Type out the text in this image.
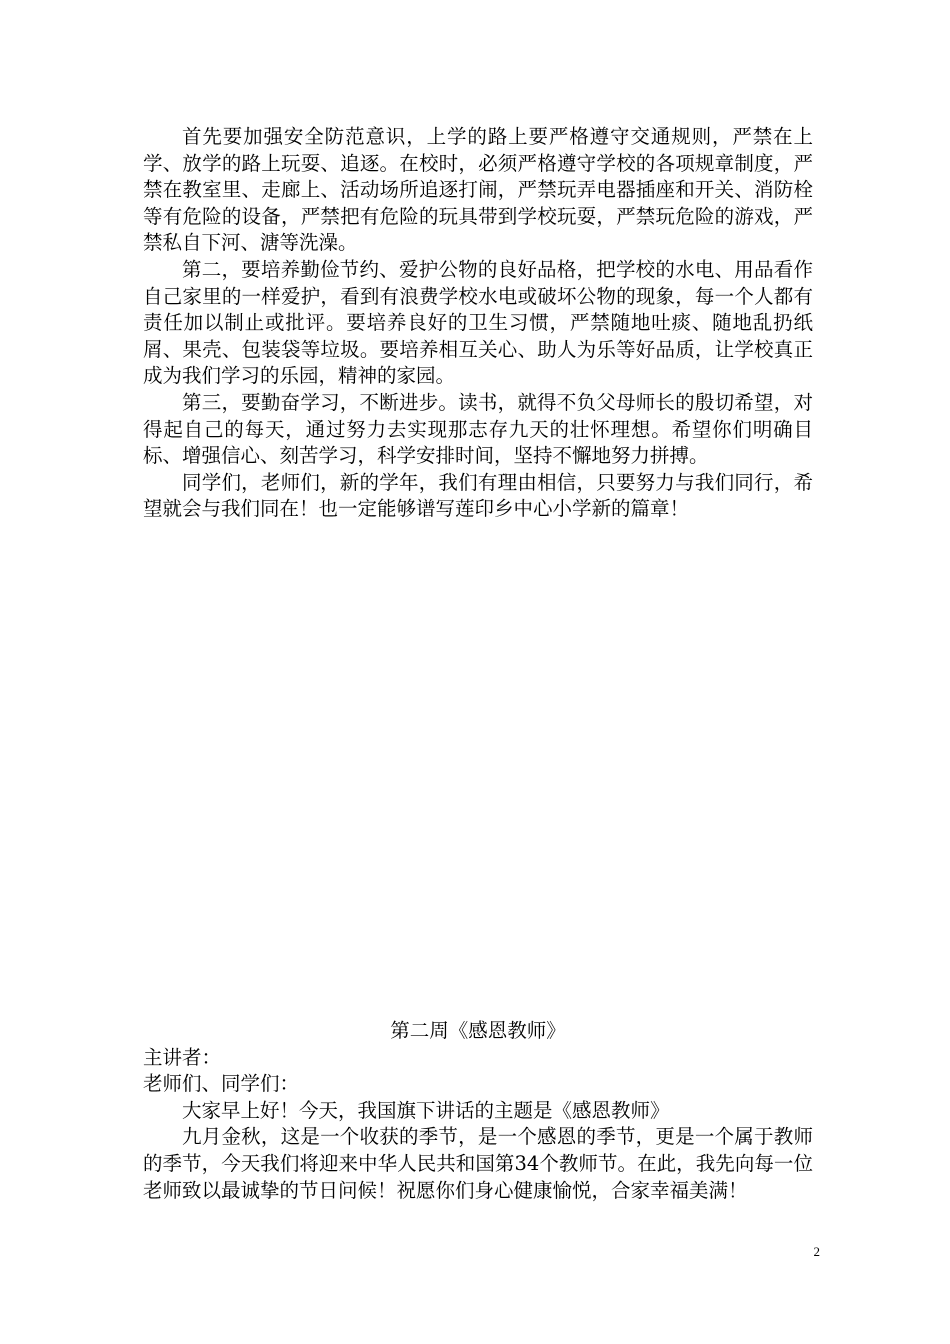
首先要加强安全防范意识，上学的路上要严格遵守交通规则，严禁在上学、放学的路上玩耍、追逐。在校时，必须严格遵守学校的各项规章制度，严禁在教室里、走廊上、活动场所追逐打闹，严禁玩弄电器插座和开关、消防栓等有危险的设备，严禁把有危险的玩具带到学校玩耍，严禁玩危险的游戏，严禁私自下河、溏等洗澡。

第二，要培养勤俭节约、爱护公物的良好品格，把学校的水电、用品看作自己家里的一样爱护，看到有浪费学校水电或破坏公物的现象，每一个人都有责任加以制止或批评。要培养良好的卫生习惯，严禁随地吐痰、随地乱扔纸屑、果壳、包装袋等垃圾。要培养相互关心、助人为乐等好品质，让学校真正成为我们学习的乐园，精神的家园。

第三，要勤奋学习，不断进步。读书，就得不负父母师长的殷切希望，对得起自己的每天，通过努力去实现那志存九天的壮怀理想。希望你们明确目标、增强信心、刻苦学习，科学安排时间，坚持不懈地努力拼搏。

同学们，老师们，新的学年，我们有理由相信，只要努力与我们同行，希望就会与我们同在！也一定能够谱写莲印乡中心小学新的篇章！

第二周《感恩教师》

主讲者：

老师们、同学们：

大家早上好！今天，我国旗下讲话的主题是《感恩教师》

九月金秋，这是一个收获的季节，是一个感恩的季节，更是一个属于教师的季节，今天我们将迎来中华人民共和国第34个教师节。在此，我先向每一位老师致以最诚挚的节日问候！祝愿你们身心健康愉悦，合家幸福美满！

2
